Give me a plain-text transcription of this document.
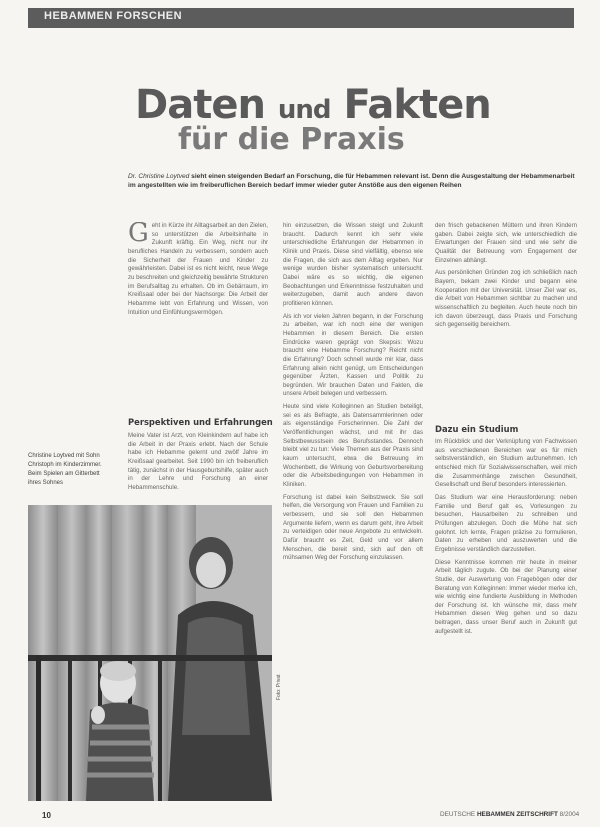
HEBAMMEN FORSCHEN
Daten und Fakten
für die Praxis
Dr. Christine Loytved sieht einen steigenden Bedarf an Forschung, die für Hebammen relevant ist. Denn die Ausgestaltung der Hebammenarbeit im angestellten wie im freiberuflichen Bereich bedarf immer wieder guter Anstöße aus den eigenen Reihen

Geht in Kürze ihr Alltagsarbeit an den Zielen, so unterstützen die Arbeitsinhalte in Zukunft kräftig. Ein Weg, nicht nur ihr berufliches Handeln zu verbessern, sondern auch die Sicherheit der Frauen und Kinder zu gewährleisten. Dabei ist es nicht leicht, neue Wege zu beschreiten und gleichzeitig bewährte Strukturen im Berufsalltag zu erhalten. Ob im Gebärraum, im Kreißsaal oder bei der Nachsorge: Die Arbeit der Hebamme lebt von Erfahrung und Wissen, von Intuition und Einfühlungsvermögen.

Perspektiven und Erfahrungen

Meine Vater ist Arzt, von Kleinkindern auf habe ich die Arbeit in der Praxis erlebt. Nach der Schule habe ich Hebamme gelernt und zwölf Jahre im Kreißsaal gearbeitet. Seit 1990 bin ich freiberuflich tätig, zunächst in der Hausgeburtshilfe, später auch in der Lehre und Forschung an einer Hebammenschule.

Christine Loytved mit Sohn Christoph im Kinderzimmer. Beim Spielen am Gitterbett ihres Sohnes
Foto: Privat

hin einzusetzen, die Wissen steigt und Zukunft braucht. Dadurch kennt ich sehr viele unterschiedliche Erfahrungen der Hebammen in Klinik und Praxis. Diese sind vielfältig, ebenso wie die Fragen, die sich aus dem Alltag ergeben. Nur wenige wurden bisher systematisch untersucht. Dabei wäre es so wichtig, die eigenen Beobachtungen und Erkenntnisse festzuhalten und weiterzugeben, damit auch andere davon profitieren können.

Als ich vor vielen Jahren begann, in der Forschung zu arbeiten, war ich noch eine der wenigen Hebammen in diesem Bereich. Die ersten Eindrücke waren geprägt von Skepsis: Wozu braucht eine Hebamme Forschung? Reicht nicht die Erfahrung? Doch schnell wurde mir klar, dass Erfahrung allein nicht genügt, um Entscheidungen gegenüber Ärzten, Kassen und Politik zu begründen. Wir brauchen Daten und Fakten, die unsere Arbeit belegen und verbessern.

Heute sind viele Kolleginnen an Studien beteiligt, sei es als Befragte, als Datensammlerinnen oder als eigenständige Forscherinnen. Die Zahl der Veröffentlichungen wächst, und mit ihr das Selbstbewusstsein des Berufsstandes. Dennoch bleibt viel zu tun: Viele Themen aus der Praxis sind kaum untersucht, etwa die Betreuung im Wochenbett, die Wirkung von Geburtsvorbereitung oder die Arbeitsbedingungen von Hebammen in Kliniken.

Forschung ist dabei kein Selbstzweck. Sie soll helfen, die Versorgung von Frauen und Familien zu verbessern, und sie soll den Hebammen Argumente liefern, wenn es darum geht, ihre Arbeit zu verteidigen oder neue Angebote zu entwickeln. Dafür braucht es Zeit, Geld und vor allem Menschen, die bereit sind, sich auf den oft mühsamen Weg der Forschung einzulassen.

den frisch gebackenen Müttern und ihren Kindern gaben. Dabei zeigte sich, wie unterschiedlich die Erwartungen der Frauen sind und wie sehr die Qualität der Betreuung vom Engagement der Einzelnen abhängt.

Aus persönlichen Gründen zog ich schließlich nach Bayern, bekam zwei Kinder und begann eine Kooperation mit der Universität. Unser Ziel war es, die Arbeit von Hebammen sichtbar zu machen und wissenschaftlich zu begleiten. Auch heute noch bin ich davon überzeugt, dass Praxis und Forschung sich gegenseitig bereichern.

Dazu ein Studium

Im Rückblick und der Verknüpfung von Fachwissen aus verschiedenen Bereichen war es für mich selbstverständlich, ein Studium aufzunehmen. Ich entschied mich für Sozialwissenschaften, weil mich die Zusammenhänge zwischen Gesundheit, Gesellschaft und Beruf besonders interessierten.

Das Studium war eine Herausforderung: neben Familie und Beruf galt es, Vorlesungen zu besuchen, Hausarbeiten zu schreiben und Prüfungen abzulegen. Doch die Mühe hat sich gelohnt. Ich lernte, Fragen präzise zu formulieren, Daten zu erheben und auszuwerten und die Ergebnisse verständlich darzustellen.

Diese Kenntnisse kommen mir heute in meiner Arbeit täglich zugute. Ob bei der Planung einer Studie, der Auswertung von Fragebögen oder der Beratung von Kolleginnen: Immer wieder merke ich, wie wichtig eine fundierte Ausbildung in Methoden der Forschung ist. Ich wünsche mir, dass mehr Hebammen diesen Weg gehen und so dazu beitragen, dass unser Beruf auch in Zukunft gut aufgestellt ist.

10	DEUTSCHE HEBAMMEN ZEITSCHRIFT 8/2004
